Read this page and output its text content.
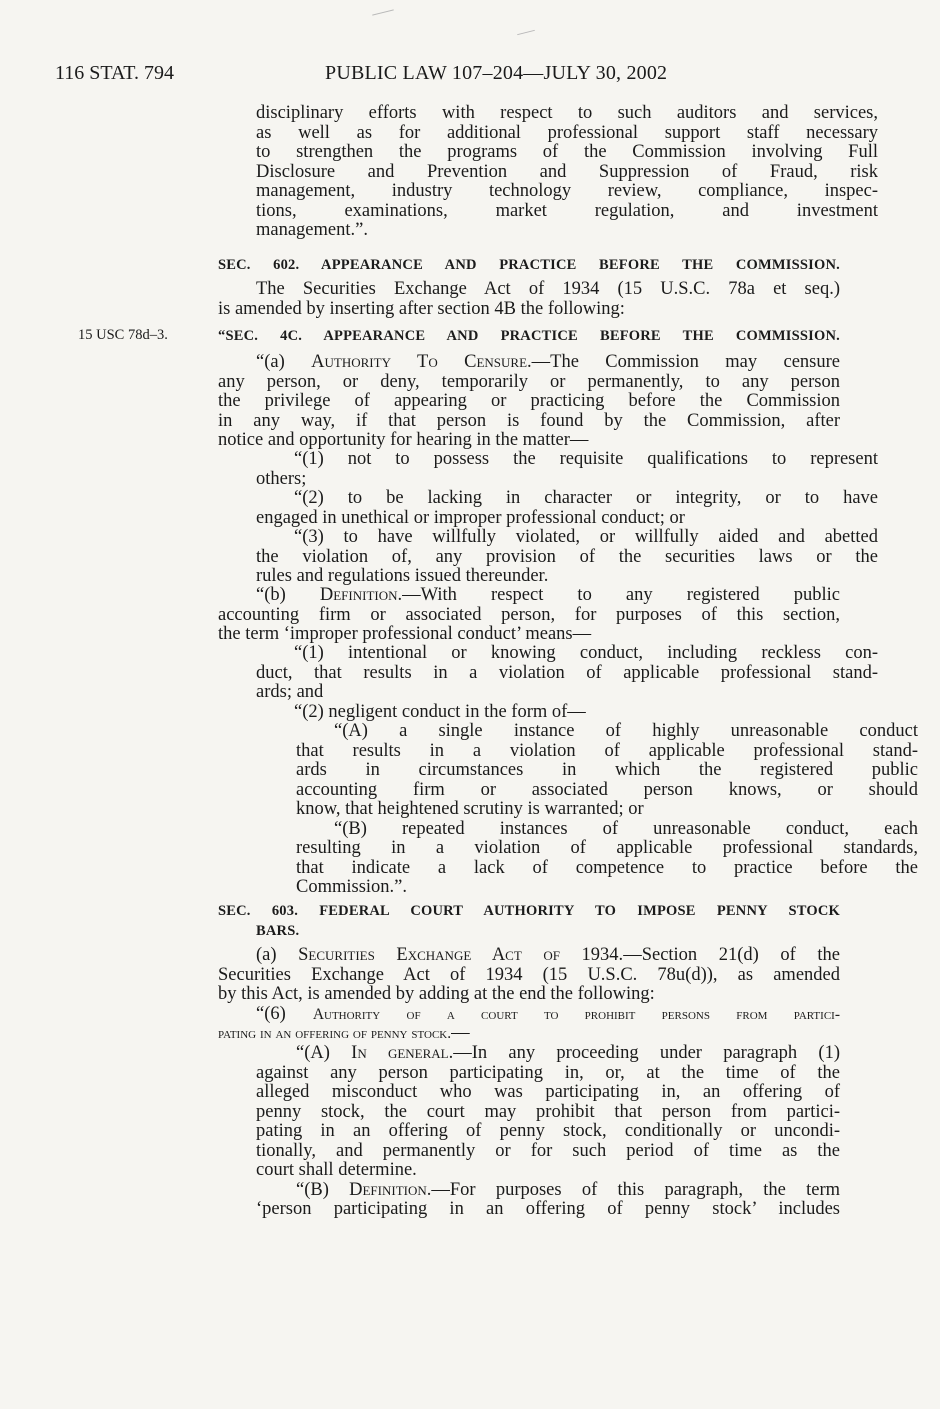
116 STAT. 794	PUBLIC LAW 107–204—JULY 30, 2002

disciplinary efforts with respect to such auditors and services,

as well as for additional professional support staff necessary

to strengthen the programs of the Commission involving Full

Disclosure and Prevention and Suppression of Fraud, risk

management, industry technology review, compliance, inspec-

tions, examinations, market regulation, and investment

management.”.

SEC. 602. APPEARANCE AND PRACTICE BEFORE THE COMMISSION.

The Securities Exchange Act of 1934 (15 U.S.C. 78a et seq.)

is amended by inserting after section 4B the following:

15 USC 78d–3.	“SEC. 4C. APPEARANCE AND PRACTICE BEFORE THE COMMISSION.

“(a) Authority To Censure.—The Commission may censure

any person, or deny, temporarily or permanently, to any person

the privilege of appearing or practicing before the Commission

in any way, if that person is found by the Commission, after

notice and opportunity for hearing in the matter—

“(1) not to possess the requisite qualifications to represent

others;

“(2) to be lacking in character or integrity, or to have

engaged in unethical or improper professional conduct; or

“(3) to have willfully violated, or willfully aided and abetted

the violation of, any provision of the securities laws or the

rules and regulations issued thereunder.

“(b) Definition.—With respect to any registered public

accounting firm or associated person, for purposes of this section,

the term ‘improper professional conduct’ means—

“(1) intentional or knowing conduct, including reckless con-

duct, that results in a violation of applicable professional stand-

ards; and

“(2) negligent conduct in the form of—

“(A) a single instance of highly unreasonable conduct

that results in a violation of applicable professional stand-

ards in circumstances in which the registered public

accounting firm or associated person knows, or should

know, that heightened scrutiny is warranted; or

“(B) repeated instances of unreasonable conduct, each

resulting in a violation of applicable professional standards,

that indicate a lack of competence to practice before the

Commission.”.

SEC. 603. FEDERAL COURT AUTHORITY TO IMPOSE PENNY STOCK

BARS.

(a) Securities Exchange Act of 1934.—Section 21(d) of the

Securities Exchange Act of 1934 (15 U.S.C. 78u(d)), as amended

by this Act, is amended by adding at the end the following:

“(6) Authority of a court to prohibit persons from partici-

pating in an offering of penny stock.—

“(A) In general.—In any proceeding under paragraph (1)

against any person participating in, or, at the time of the

alleged misconduct who was participating in, an offering of

penny stock, the court may prohibit that person from partici-

pating in an offering of penny stock, conditionally or uncondi-

tionally, and permanently or for such period of time as the

court shall determine.

“(B) Definition.—For purposes of this paragraph, the term

‘person participating in an offering of penny stock’ includes
